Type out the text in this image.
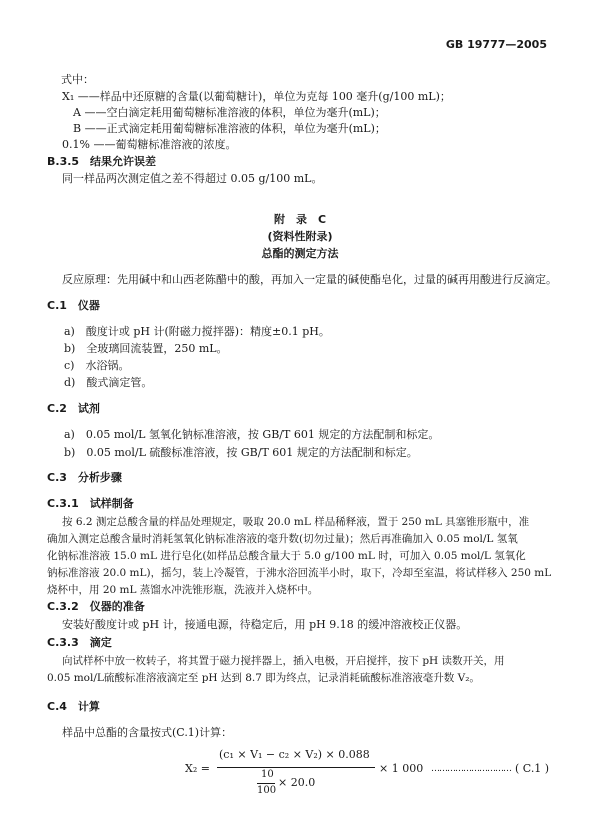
GB 19777—2005
式中：
X₁ ——样品中还原糖的含量(以葡萄糖计)，单位为克每 100 毫升(g/100 mL)；
A ——空白滴定耗用葡萄糖标准溶液的体积，单位为毫升(mL)；
B ——正式滴定耗用葡萄糖标准溶液的体积，单位为毫升(mL)；
0.1% ——葡萄糖标准溶液的浓度。
B.3.5　结果允许误差
同一样品两次测定值之差不得超过 0.05 g/100 mL。
附　录　C
(资料性附录)
总酯的测定方法
反应原理：先用碱中和山西老陈醋中的酸，再加入一定量的碱使酯皂化，过量的碱再用酸进行反滴定。
C.1　仪器
a)　酸度计或 pH 计(附磁力搅拌器)：精度±0.1 pH。
b)　全玻璃回流装置，250 mL。
c)　水浴锅。
d)　酸式滴定管。
C.2　试剂
a)　0.05 mol/L 氢氧化钠标准溶液，按 GB/T 601 规定的方法配制和标定。
b)　0.05 mol/L 硫酸标准溶液，按 GB/T 601 规定的方法配制和标定。
C.3　分析步骤
C.3.1　试样制备
按 6.2 测定总酸含量的样品处理规定，吸取 20.0 mL 样品稀释液，置于 250 mL 具塞锥形瓶中，准
确加入测定总酸含量时消耗氢氧化钠标准溶液的毫升数(切勿过量)；然后再准确加入 0.05 mol/L 氢氧
化钠标准溶液 15.0 mL 进行皂化(如样品总酸含量大于 5.0 g/100 mL 时，可加入 0.05 mol/L 氢氧化
钠标准溶液 20.0 mL)，摇匀，装上冷凝管，于沸水浴回流半小时，取下，冷却至室温，将试样移入 250 mL
烧杯中，用 20 mL 蒸馏水冲洗锥形瓶，洗液并入烧杯中。
C.3.2　仪器的准备
安装好酸度计或 pH 计，接通电源，待稳定后，用 pH 9.18 的缓冲溶液校正仪器。
C.3.3　滴定
向试样杯中放一枚转子，将其置于磁力搅拌器上，插入电极，开启搅拌，按下 pH 读数开关，用
0.05 mol/L硫酸标准溶液滴定至 pH 达到 8.7 即为终点，记录消耗硫酸标准溶液毫升数 V₂。
C.4　计算
样品中总酯的含量按式(C.1)计算：
X₂ =
(c₁ × V₁ − c₂ × V₂) × 0.088
10
100
× 20.0
× 1 000 ………………………… ( C.1 )
